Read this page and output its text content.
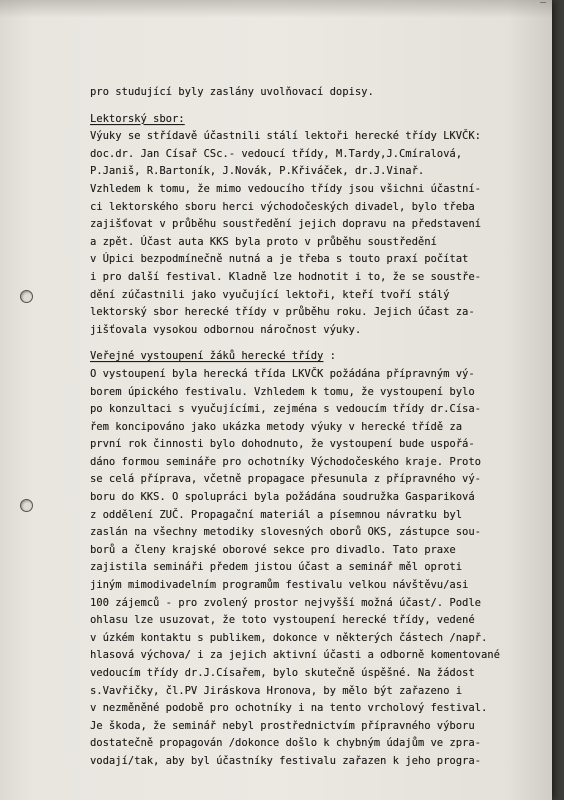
pro studující byly zaslány uvolňovací dopisy.
Lektorský sbor:
Výuky se střídavě účastnili stálí lektoři herecké třídy LKVČK:
doc.dr. Jan Císař CSc.- vedoucí třídy, M.Tardy,J.Cmíralová,
P.Janiš, R.Bartoník, J.Novák, P.Křiváček, dr.J.Vinař.
Vzhledem k tomu, že mimo vedoucího třídy jsou všichni účastní-
ci lektorského sboru herci východočeských divadel, bylo třeba
zajišťovat v průběhu soustředění jejich dopravu na představení
a zpět. Účast auta KKS byla proto v průběhu soustředění
v Úpici bezpodmínečně nutná a je třeba s touto praxí počítat
i pro další festival. Kladně lze hodnotit i to, že se soustře-
dění zúčastnili jako vyučující lektoři, kteří tvoří stálý
lektorský sbor herecké třídy v průběhu roku. Jejich účast za-
jišťovala vysokou odbornou náročnost výuky.
Veřejné vystoupení žáků herecké třídy :
O vystoupení byla herecká třída LKVČK požádána přípravným vý-
borem úpického festivalu. Vzhledem k tomu, že vystoupení bylo
po konzultaci s vyučujícími, zejména s vedoucím třídy dr.Císa-
řem koncipováno jako ukázka metody výuky v herecké třídě za
první rok činnosti bylo dohodnuto, že vystoupení bude uspořá-
dáno formou semináře pro ochotníky Východočeského kraje. Proto
se celá příprava, včetně propagace přesunula z přípravného vý-
boru do KKS. O spolupráci byla požádána soudružka Gaspariková
z oddělení ZUČ. Propagační materiál a písemnou návratku byl
zaslán na všechny metodiky slovesných oborů OKS, zástupce sou-
borů a členy krajské oborové sekce pro divadlo. Tato praxe
zajistila semináři předem jistou účast a seminář měl oproti
jiným mimodivadelním programům festivalu velkou návštěvu/asi
100 zájemců - pro zvolený prostor nejvyšší možná účast/. Podle
ohlasu lze usuzovat, že toto vystoupení herecké třídy, vedené
v úzkém kontaktu s publikem, dokonce v některých částech /např.
hlasová výchova/ i za jejich aktivní účasti a odborně komentované
vedoucím třídy dr.J.Císařem, bylo skutečně úspěšné. Na žádost
s.Vavřičky, čl.PV Jiráskova Hronova, by mělo být zařazeno i
v nezměněné podobě pro ochotníky i na tento vrcholový festival.
Je škoda, že seminář nebyl prostřednictvím přípravného výboru
dostatečně propagován /dokonce došlo k chybným údajům ve zpra-
vodají/tak, aby byl účastníky festivalu zařazen k jeho progra-
